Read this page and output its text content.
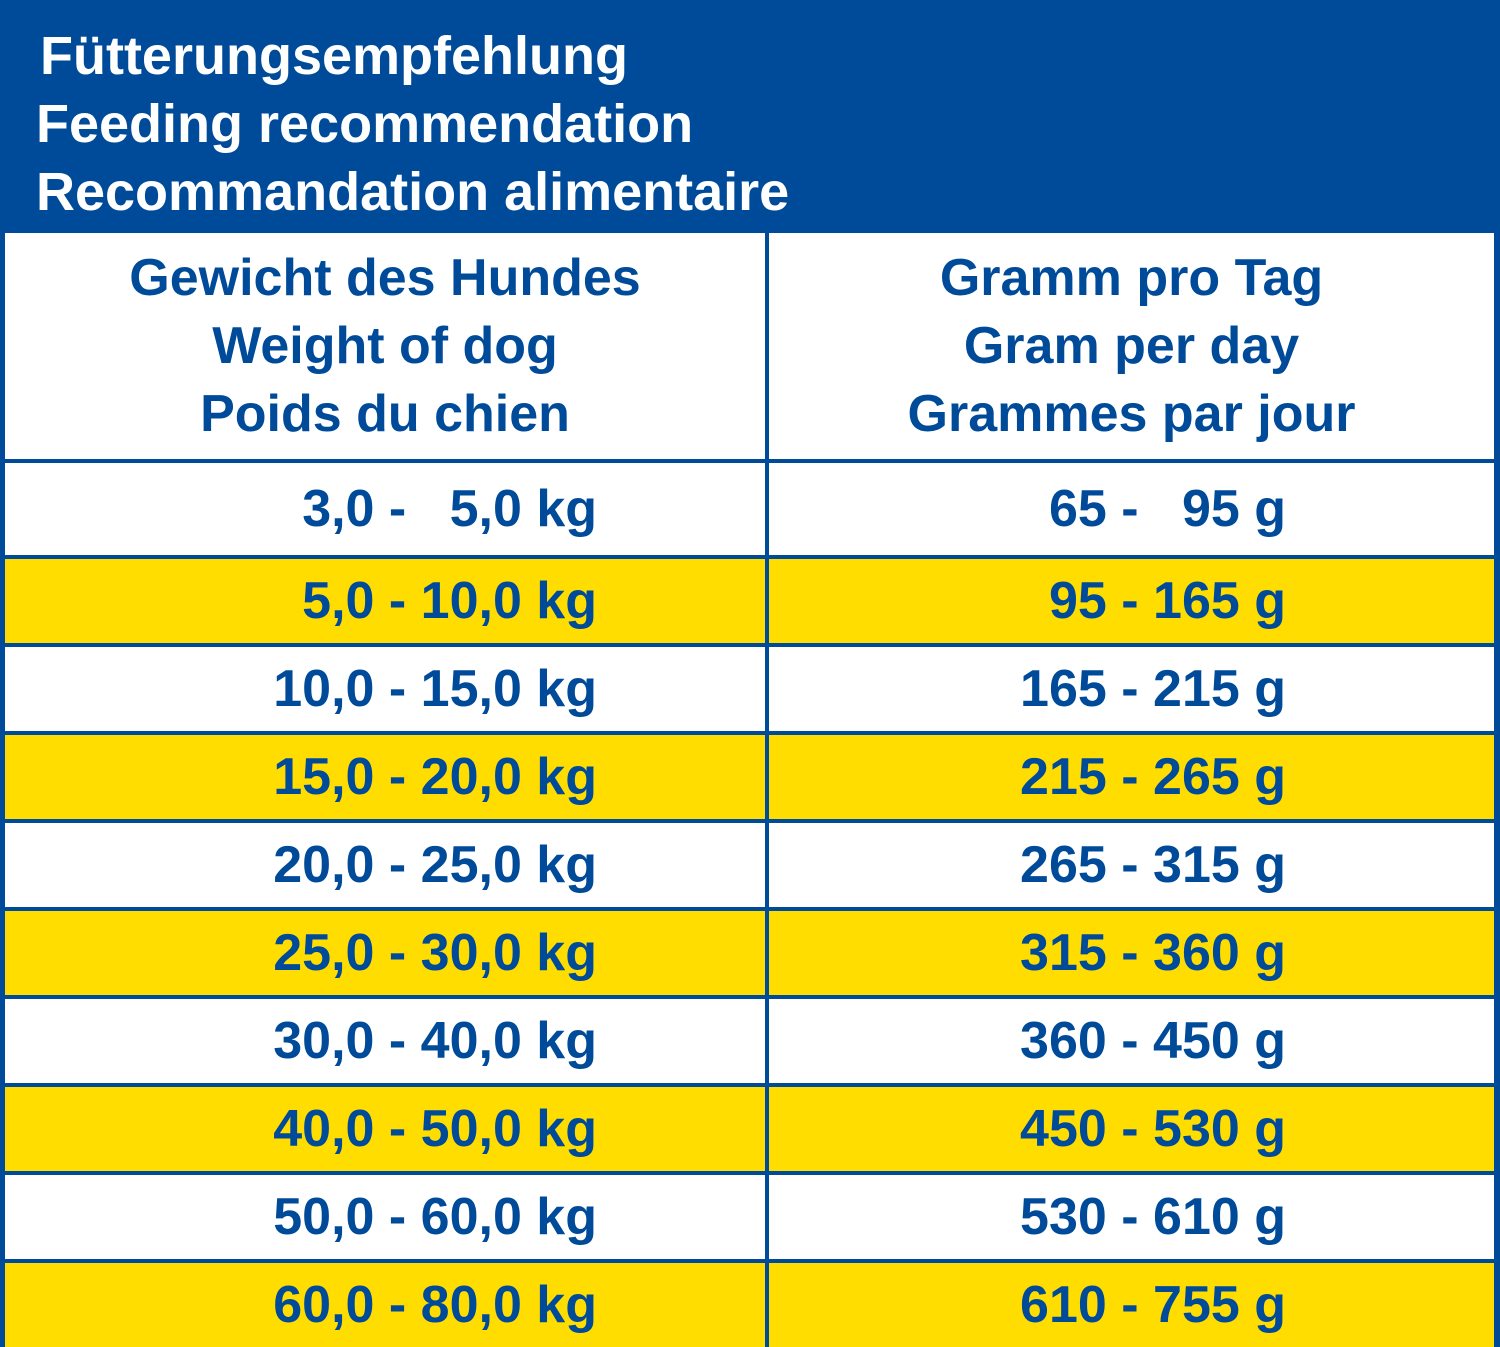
Fütterungsempfehlung
Feeding recommendation
Recommandation alimentaire
Gewicht des Hundes
Weight of dog
Poids du chien
Gramm pro Tag
Gram per day
Grammes par jour
3,0 -   5,0 kg	65 -   95 g
5,0 - 10,0 kg	95 - 165 g
10,0 - 15,0 kg	165 - 215 g
15,0 - 20,0 kg	215 - 265 g
20,0 - 25,0 kg	265 - 315 g
25,0 - 30,0 kg	315 - 360 g
30,0 - 40,0 kg	360 - 450 g
40,0 - 50,0 kg	450 - 530 g
50,0 - 60,0 kg	530 - 610 g
60,0 - 80,0 kg	610 - 755 g
